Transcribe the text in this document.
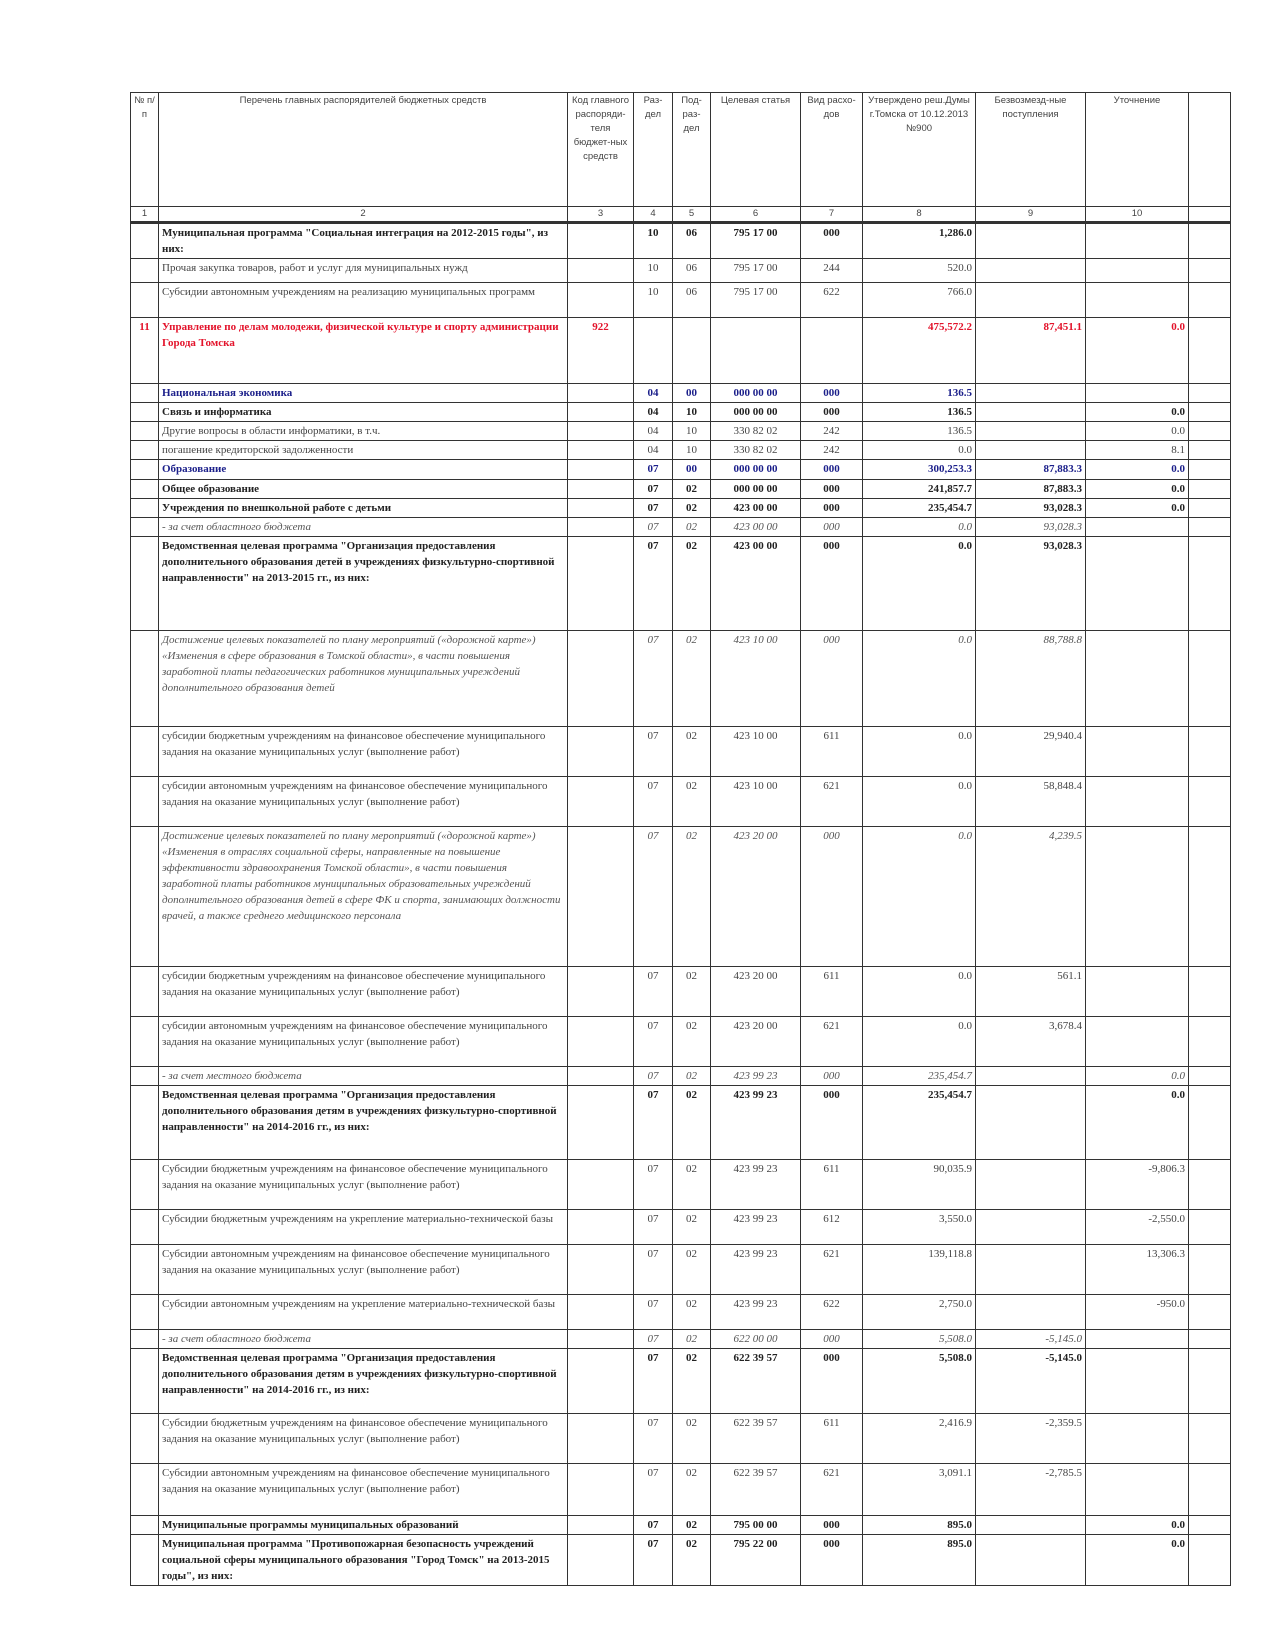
№ п/п	Перечень главных распорядителей бюджетных средств	Код главного распоряди-теля бюджет-ных средств	Раз-дел	Под-раз-дел	Целевая статья	Вид расхо-дов	Утверждено реш.Думы г.Томска от 10.12.2013 №900	Безвозмезд-ные поступления	Уточнение	
1	2	3	4	5	6	7	8	9	10	
	Муниципальная программа "Социальная интеграция на 2012-2015 годы", из них:		10	06	795 17 00	000	1,286.0			
	Прочая закупка товаров, работ и услуг для муниципальных нужд		10	06	795 17 00	244	520.0			
	Субсидии автономным учреждениям на реализацию муниципальных программ		10	06	795 17 00	622	766.0			
11	Управление по делам молодежи, физической культуре и спорту администрации Города Томска	922					475,572.2	87,451.1	0.0	
	Национальная экономика		04	00	000 00 00	000	136.5			
	Связь и информатика		04	10	000 00 00	000	136.5		0.0	
	Другие вопросы в области информатики, в т.ч.		04	10	330 82 02	242	136.5		0.0	
	погашение кредиторской задолженности		04	10	330 82 02	242	0.0		8.1	
	Образование		07	00	000 00 00	000	300,253.3	87,883.3	0.0	
	Общее образование		07	02	000 00 00	000	241,857.7	87,883.3	0.0	
	Учреждения по внешкольной работе с детьми		07	02	423 00 00	000	235,454.7	93,028.3	0.0	
	- за счет областного бюджета		07	02	423 00 00	000	0.0	93,028.3		
	Ведомственная целевая программа "Организация предоставления дополнительного образования детей в учреждениях физкультурно-спортивной направленности" на 2013-2015 гг., из них:		07	02	423 00 00	000	0.0	93,028.3		
	Достижение целевых показателей по плану мероприятий («дорожной карте») «Изменения в сфере образования в Томской области», в части повышения заработной платы педагогических работников муниципальных учреждений дополнительного образования детей		07	02	423 10 00	000	0.0	88,788.8		
	субсидии бюджетным учреждениям на финансовое обеспечение муниципального задания на оказание муниципальных услуг (выполнение работ)		07	02	423 10 00	611	0.0	29,940.4		
	субсидии автономным учреждениям на финансовое обеспечение муниципального задания на оказание муниципальных услуг (выполнение работ)		07	02	423 10 00	621	0.0	58,848.4		
	Достижение целевых показателей по плану мероприятий («дорожной карте») «Изменения в отраслях социальной сферы, направленные на повышение эффективности здравоохранения Томской области», в части повышения заработной платы работников муниципальных образовательных учреждений дополнительного образования детей в сфере ФК и спорта, занимающих должности врачей, а также среднего медицинского персонала		07	02	423 20 00	000	0.0	4,239.5		
	субсидии бюджетным учреждениям на финансовое обеспечение муниципального задания на оказание муниципальных услуг (выполнение работ)		07	02	423 20 00	611	0.0	561.1		
	субсидии автономным учреждениям на финансовое обеспечение муниципального задания на оказание муниципальных услуг (выполнение работ)		07	02	423 20 00	621	0.0	3,678.4		
	- за счет местного бюджета		07	02	423 99 23	000	235,454.7		0.0	
	Ведомственная целевая программа "Организация предоставления дополнительного образования детям в учреждениях физкультурно-спортивной направленности" на 2014-2016 гг., из них:		07	02	423 99 23	000	235,454.7		0.0	
	Субсидии бюджетным учреждениям на финансовое обеспечение муниципального задания на оказание муниципальных услуг (выполнение работ)		07	02	423 99 23	611	90,035.9		-9,806.3	
	Субсидии бюджетным учреждениям на укрепление материально-технической базы		07	02	423 99 23	612	3,550.0		-2,550.0	
	Субсидии автономным учреждениям на финансовое обеспечение муниципального задания на оказание муниципальных услуг (выполнение работ)		07	02	423 99 23	621	139,118.8		13,306.3	
	Субсидии автономным учреждениям на укрепление материально-технической базы		07	02	423 99 23	622	2,750.0		-950.0	
	- за счет областного бюджета		07	02	622 00 00	000	5,508.0	-5,145.0		
	Ведомственная целевая программа "Организация предоставления дополнительного образования детям в учреждениях физкультурно-спортивной направленности" на 2014-2016 гг., из них:		07	02	622 39 57	000	5,508.0	-5,145.0		
	Субсидии бюджетным учреждениям на финансовое обеспечение муниципального задания на оказание муниципальных услуг (выполнение работ)		07	02	622 39 57	611	2,416.9	-2,359.5		
	Субсидии автономным учреждениям на финансовое обеспечение муниципального задания на оказание муниципальных услуг (выполнение работ)		07	02	622 39 57	621	3,091.1	-2,785.5		
	Муниципальные программы муниципальных образований		07	02	795 00 00	000	895.0		0.0	
	Муниципальная программа "Противопожарная безопасность учреждений социальной сферы муниципального образования "Город Томск" на 2013-2015 годы", из них:		07	02	795 22 00	000	895.0		0.0	
